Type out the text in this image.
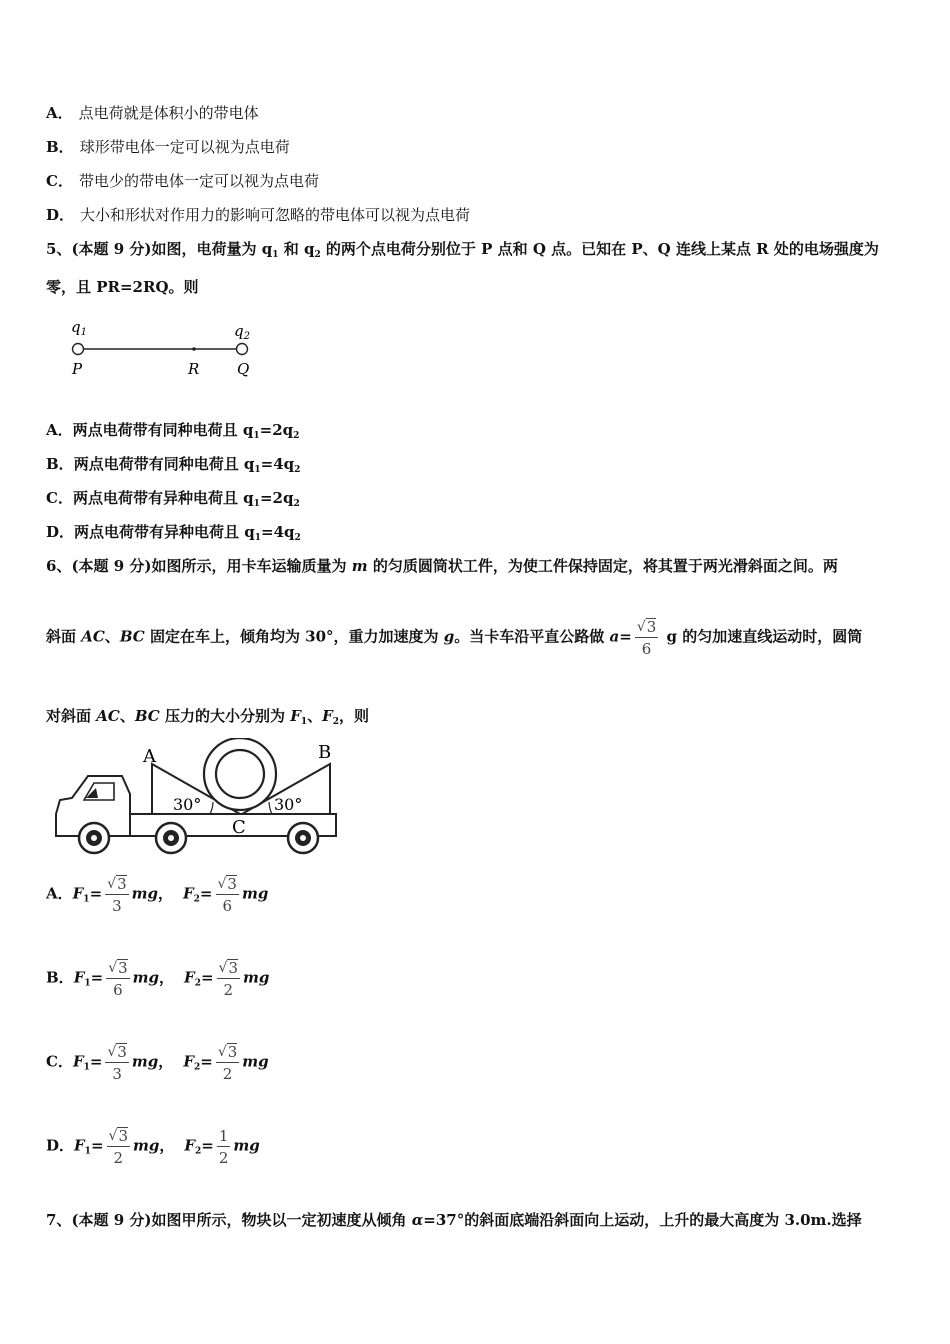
A． 点电荷就是体积小的带电体
B． 球形带电体一定可以视为点电荷
C． 带电少的带电体一定可以视为点电荷
D． 大小和形状对作用力的影响可忽略的带电体可以视为点电荷
5、(本题 9 分)如图，电荷量为 $q_1$ 和 $q_2$ 的两个点电荷分别位于 P 点和 Q 点。已知在 P、Q 连线上某点 R 处的电场强度为
零，且 PR=2RQ。则
$q_1$	$q_2$
P	R	Q
A．两点电荷带有同种电荷且 $q_1=2q_2$
B．两点电荷带有同种电荷且 $q_1=4q_2$
C．两点电荷带有异种电荷且 $q_1=2q_2$
D．两点电荷带有异种电荷且 $q_1=4q_2$
6、(本题 9 分)如图所示，用卡车运输质量为 m 的匀质圆筒状工件，为使工件保持固定，将其置于两光滑斜面之间。两
斜面 AC、BC 固定在车上，倾角均为 30°，重力加速度为 g。当卡车沿平直公路做 $a= \frac{√ 3}{6}$ g 的匀加速直线运动时，圆筒
对斜面 AC、BC 压力的大小分别为 $F_1$、$F_2$，则
A	B
C
30°	30°
A．$F_1= \frac{√ 3}{3}$ mg， $F_2= \frac{√ 3}{6}$ mg
B．$F_1= \frac{√ 3}{6}$ mg， $F_2= \frac{√ 3}{2}$ mg
C．$F_1= \frac{√ 3}{3}$ mg， $F_2= \frac{√ 3}{2}$ mg
D．$F_1= \frac{√ 3}{2}$ mg， $F_2= \frac{1}{2}$ mg
7、(本题 9 分)如图甲所示，物块以一定初速度从倾角 α=37°的斜面底端沿斜面向上运动，上升的最大高度为 3.0m.选择
